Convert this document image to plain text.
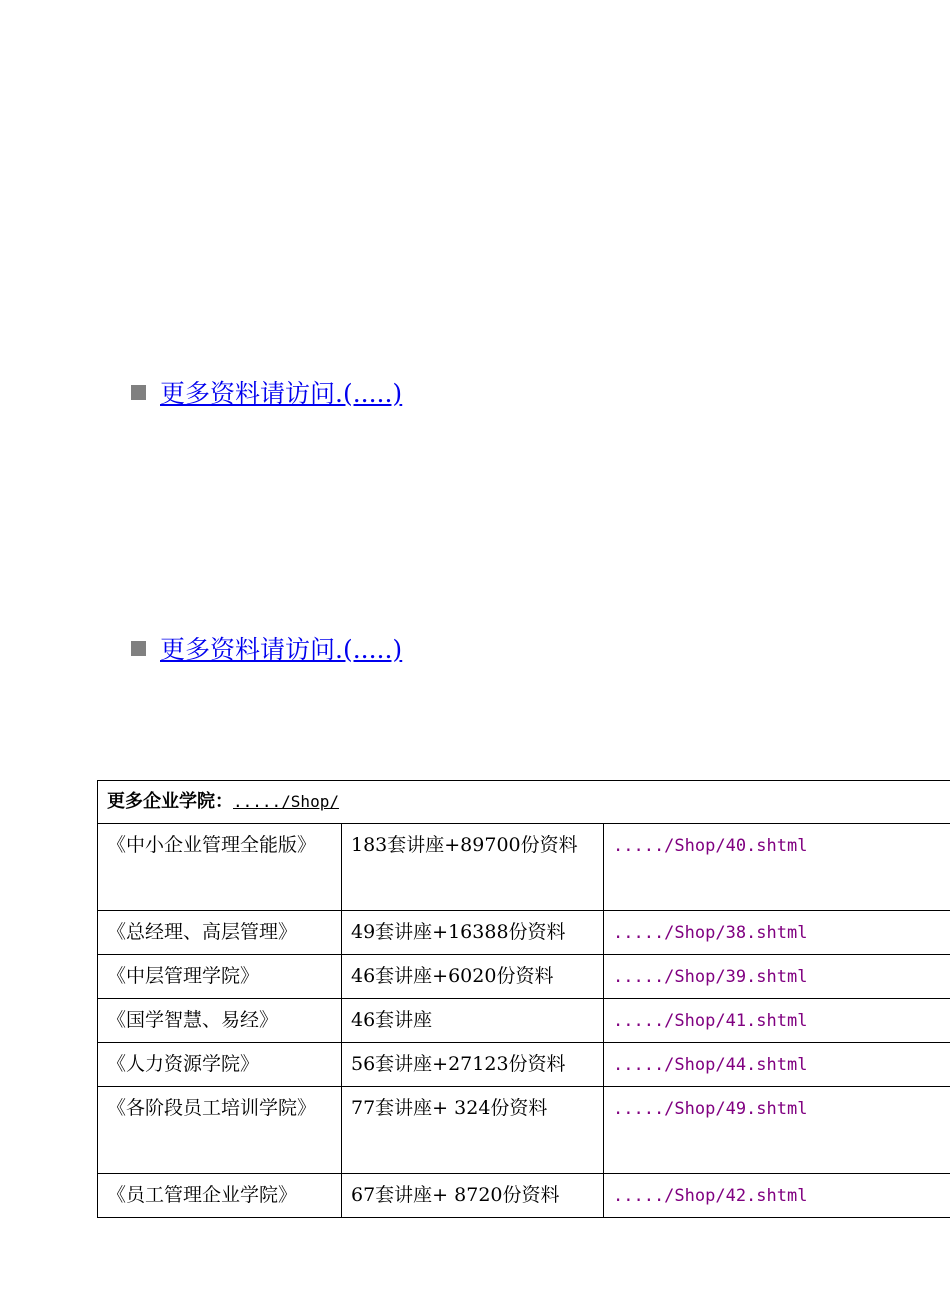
更多资料请访问.(.....)
更多资料请访问.(.....)
更多企业学院：...../Shop/		
《中小企业管理全能版》	183套讲座+89700份资料	...../Shop/40.shtml
《总经理、高层管理》	49套讲座+16388份资料	...../Shop/38.shtml
《中层管理学院》	46套讲座+6020份资料	...../Shop/39.shtml
《国学智慧、易经》	46套讲座	...../Shop/41.shtml
《人力资源学院》	56套讲座+27123份资料	...../Shop/44.shtml
《各阶段员工培训学院》	77套讲座+ 324份资料	...../Shop/49.shtml
《员工管理企业学院》	67套讲座+ 8720份资料	...../Shop/42.shtml
